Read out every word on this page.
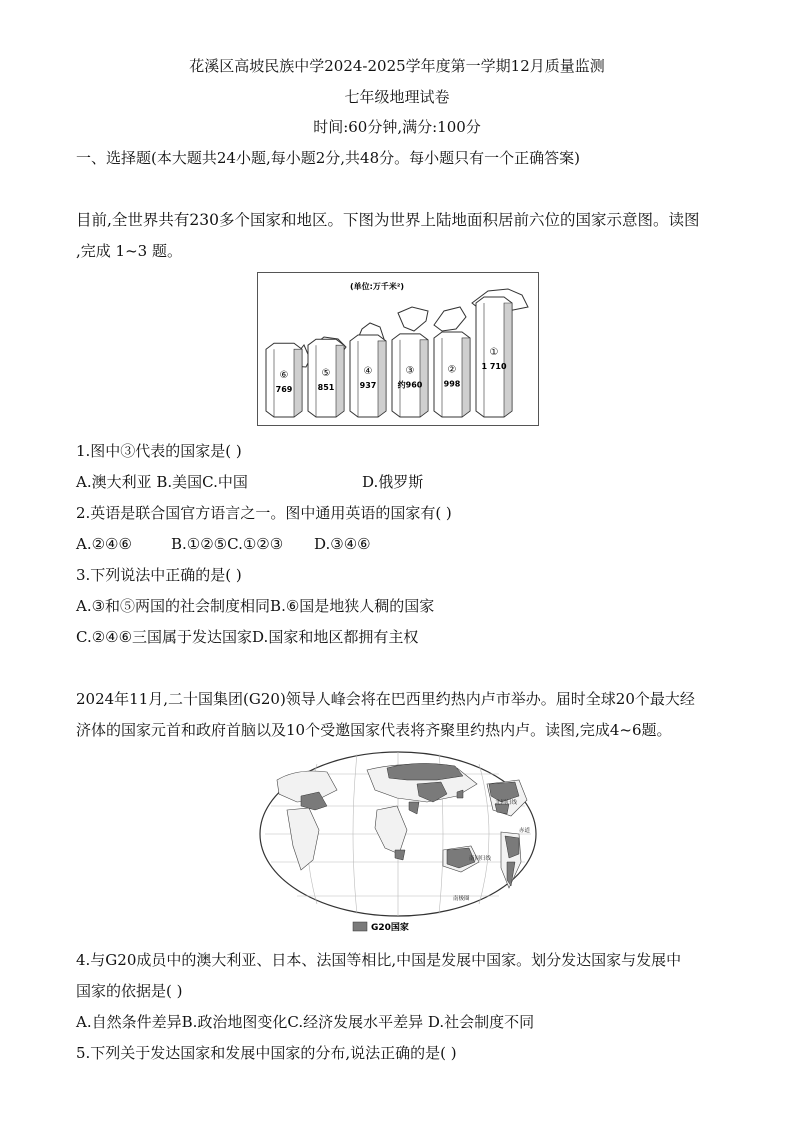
花溪区高坡民族中学2024-2025学年度第一学期12月质量监测
七年级地理试卷
时间:60分钟,满分:100分
一、选择题(本大题共24小题,每小题2分,共48分。每小题只有一个正确答案)
目前,全世界共有230多个国家和地区。下图为世界上陆地面积居前六位的国家示意图。读图
,完成 1~3 题。
(单位:万千米²)
⑥
769
⑤
851
④
937
③
约960
②
998
①
1 710
1.图中③代表的国家是( )
A.澳大利亚 B.美国C.中国	D.俄罗斯
2.英语是联合国官方语言之一。图中通用英语的国家有( )
A.②④⑥	B.①②⑤C.①②③ D.③④⑥
3.下列说法中正确的是( )
A.③和⑤两国的社会制度相同B.⑥国是地狭人稠的国家
C.②④⑥三国属于发达国家D.国家和地区都拥有主权
2024年11月,二十国集团(G20)领导人峰会将在巴西里约热内卢市举办。届时全球20个最大经
济体的国家元首和政府首脑以及10个受邀国家代表将齐聚里约热内卢。读图,完成4~6题。
北回归线
赤道
南回归线
南极圈
G20国家
4.与G20成员中的澳大利亚、日本、法国等相比,中国是发展中国家。划分发达国家与发展中
国家的依据是( )
A.自然条件差异B.政治地图变化C.经济发展水平差异 D.社会制度不同
5.下列关于发达国家和发展中国家的分布,说法正确的是( )
